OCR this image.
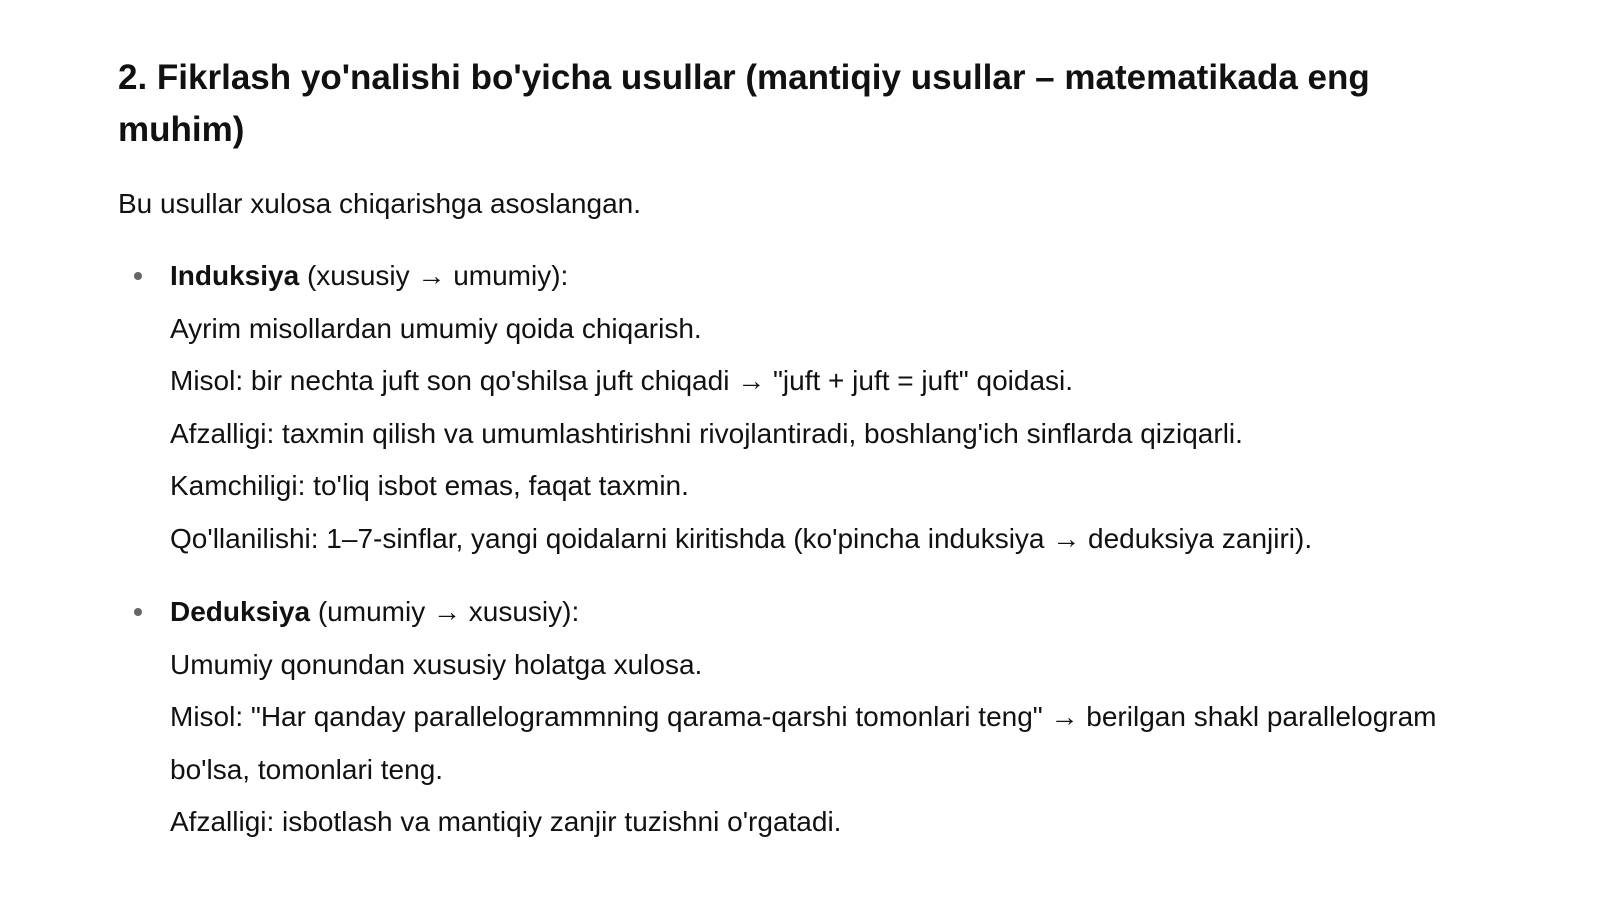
2. Fikrlash yo'nalishi bo'yicha usullar (mantiqiy usullar – matematikada eng muhim)

Bu usullar xulosa chiqarishga asoslangan.

Induksiya (xususiy → umumiy):
Ayrim misollardan umumiy qoida chiqarish.
Misol: bir nechta juft son qo'shilsa juft chiqadi → "juft + juft = juft" qoidasi.
Afzalligi: taxmin qilish va umumlashtirishni rivojlantiradi, boshlang'ich sinflarda qiziqarli.
Kamchiligi: to'liq isbot emas, faqat taxmin.
Qo'llanilishi: 1–7-sinflar, yangi qoidalarni kiritishda (ko'pincha induksiya → deduksiya zanjiri).
Deduksiya (umumiy → xususiy):
Umumiy qonundan xususiy holatga xulosa.
Misol: "Har qanday parallelogrammning qarama-qarshi tomonlari teng" → berilgan shakl parallelogram bo'lsa, tomonlari teng.
Afzalligi: isbotlash va mantiqiy zanjir tuzishni o'rgatadi.
